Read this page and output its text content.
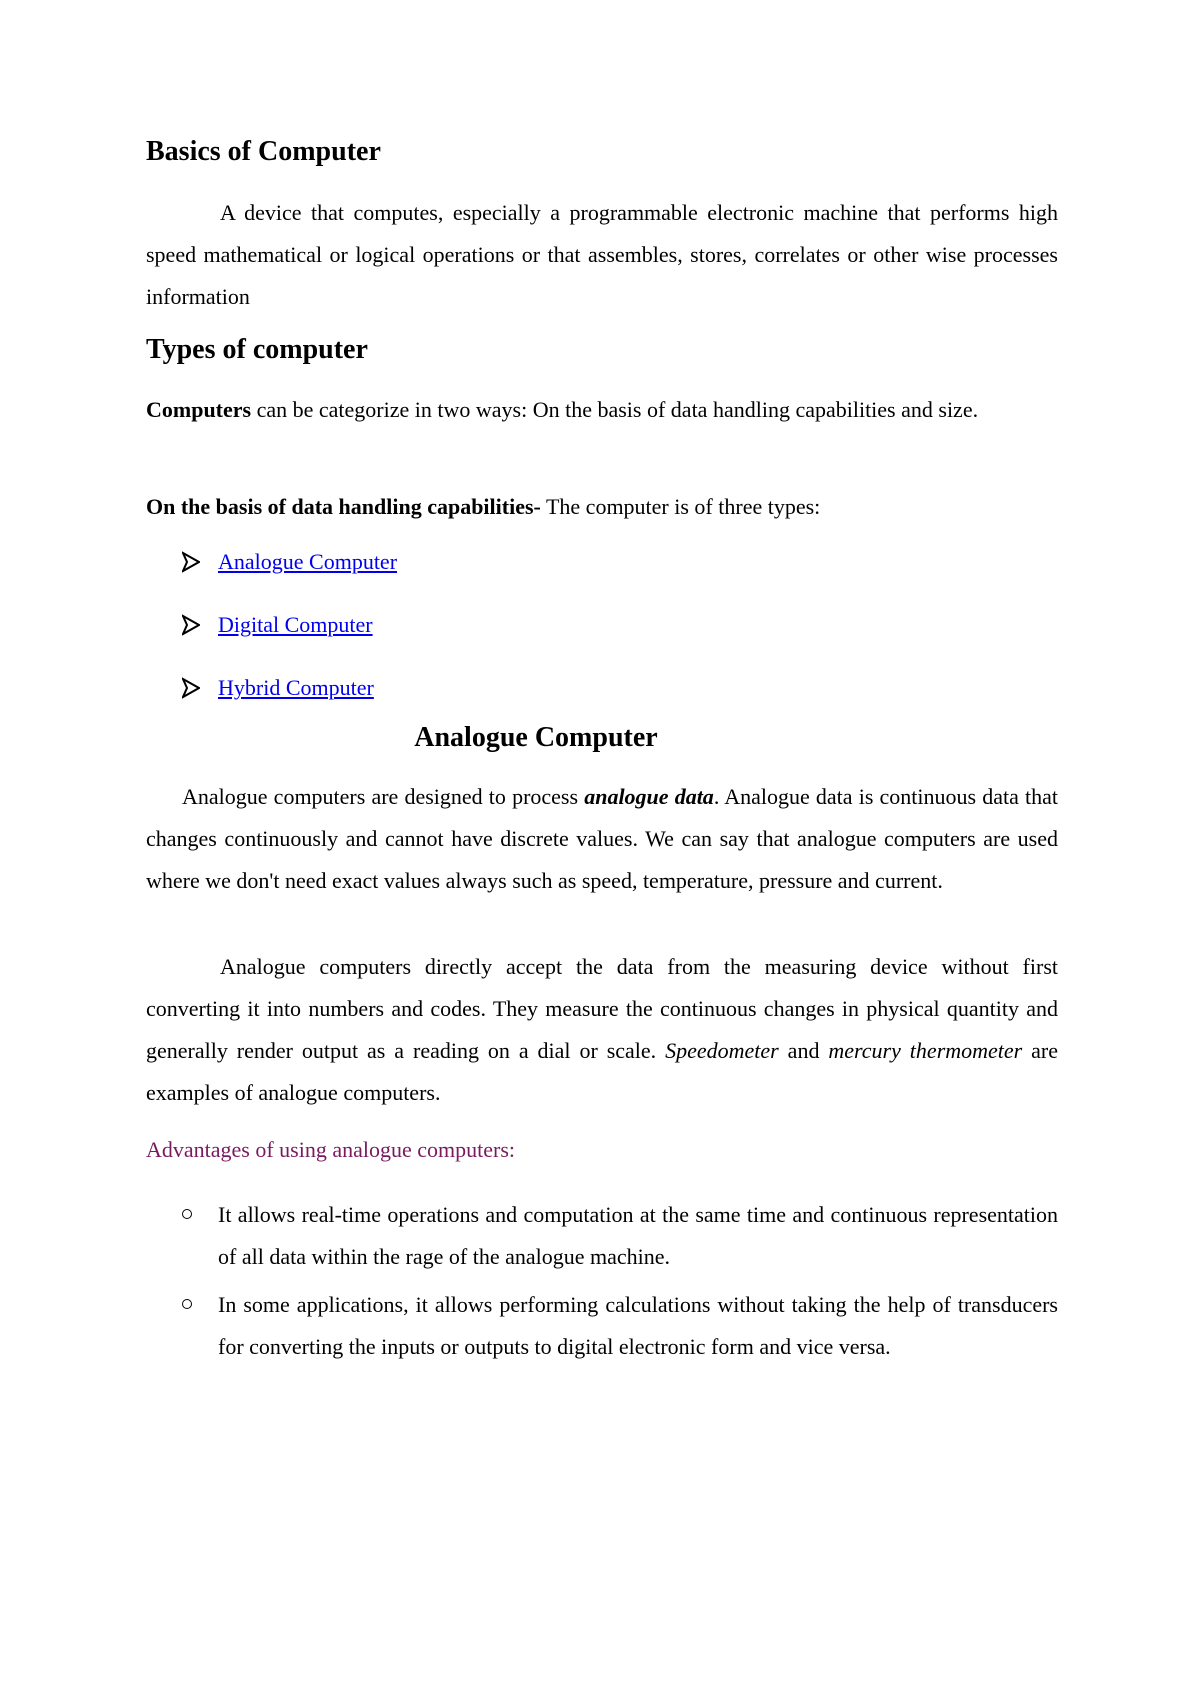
Basics of Computer

A device that computes, especially a programmable electronic machine that performs high speed mathematical or logical operations or that assembles, stores, correlates or other wise processes information

Types of computer

Computers can be categorize in two ways: On the basis of data handling capabilities and size.

On the basis of data handling capabilities- The computer is of three types:

Analogue Computer
Digital Computer
Hybrid Computer
Analogue Computer

Analogue computers are designed to process analogue data. Analogue data is continuous data that changes continuously and cannot have discrete values. We can say that analogue computers are used where we don't need exact values always such as speed, temperature, pressure and current.

Analogue computers directly accept the data from the measuring device without first converting it into numbers and codes. They measure the continuous changes in physical quantity and generally render output as a reading on a dial or scale. Speedometer and mercury thermometer are examples of analogue computers.

Advantages of using analogue computers:
It allows real-time operations and computation at the same time and continuous representation of all data within the rage of the analogue machine.
In some applications, it allows performing calculations without taking the help of transducers for converting the inputs or outputs to digital electronic form and vice versa.
